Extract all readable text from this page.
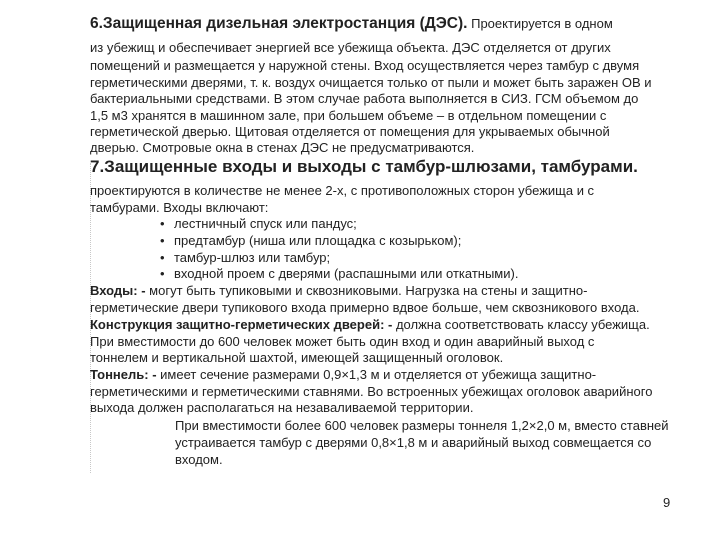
6.Защищенная дизельная электростанция (ДЭС). Проектируется в одном
из убежищ и обеспечивает энергией все убежища объекта. ДЭС отделяется от других
помещений и размещается у наружной стены. Вход осуществляется через тамбур с двумя
герметическими дверями, т. к. воздух очищается только от пыли и может быть заражен ОВ и
бактериальными средствами. В этом случае работа выполняется в СИЗ. ГСМ объемом до
1,5 м3 хранятся в машинном зале, при большем объеме – в отдельном помещении с
герметической дверью. Щитовая отделяется от помещения для укрываемых обычной
дверью. Смотровые окна в стенах ДЭС не предусматриваются.
7.Защищенные входы и выходы с тамбур-шлюзами, тамбурами.
проектируются в количестве не менее 2-х, с противоположных сторон убежища и с
тамбурами. Входы включают:
• лестничный спуск или пандус;
• предтамбур (ниша или площадка с козырьком);
• тамбур-шлюз или тамбур;
• входной проем с дверями (распашными или откатными).
Входы: - могут быть тупиковыми и сквозниковыми. Нагрузка на стены и защитно-
герметические двери тупикового входа примерно вдвое больше, чем сквозникового входа.
Конструкция защитно-герметических дверей: - должна соответствовать классу убежища.
При вместимости до 600 человек может быть один вход и один аварийный выход с
тоннелем и вертикальной шахтой, имеющей защищенный оголовок.
Тоннель: - имеет сечение размерами 0,9×1,3 м и отделяется от убежища защитно-
герметическими и герметическими ставнями. Во встроенных убежищах оголовок аварийного
выхода должен располагаться на незаваливаемой территории.
При вместимости более 600 человек размеры тоннеля 1,2×2,0 м, вместо ставней
устраивается тамбур с дверями 0,8×1,8 м и аварийный выход совмещается со
входом.
9
